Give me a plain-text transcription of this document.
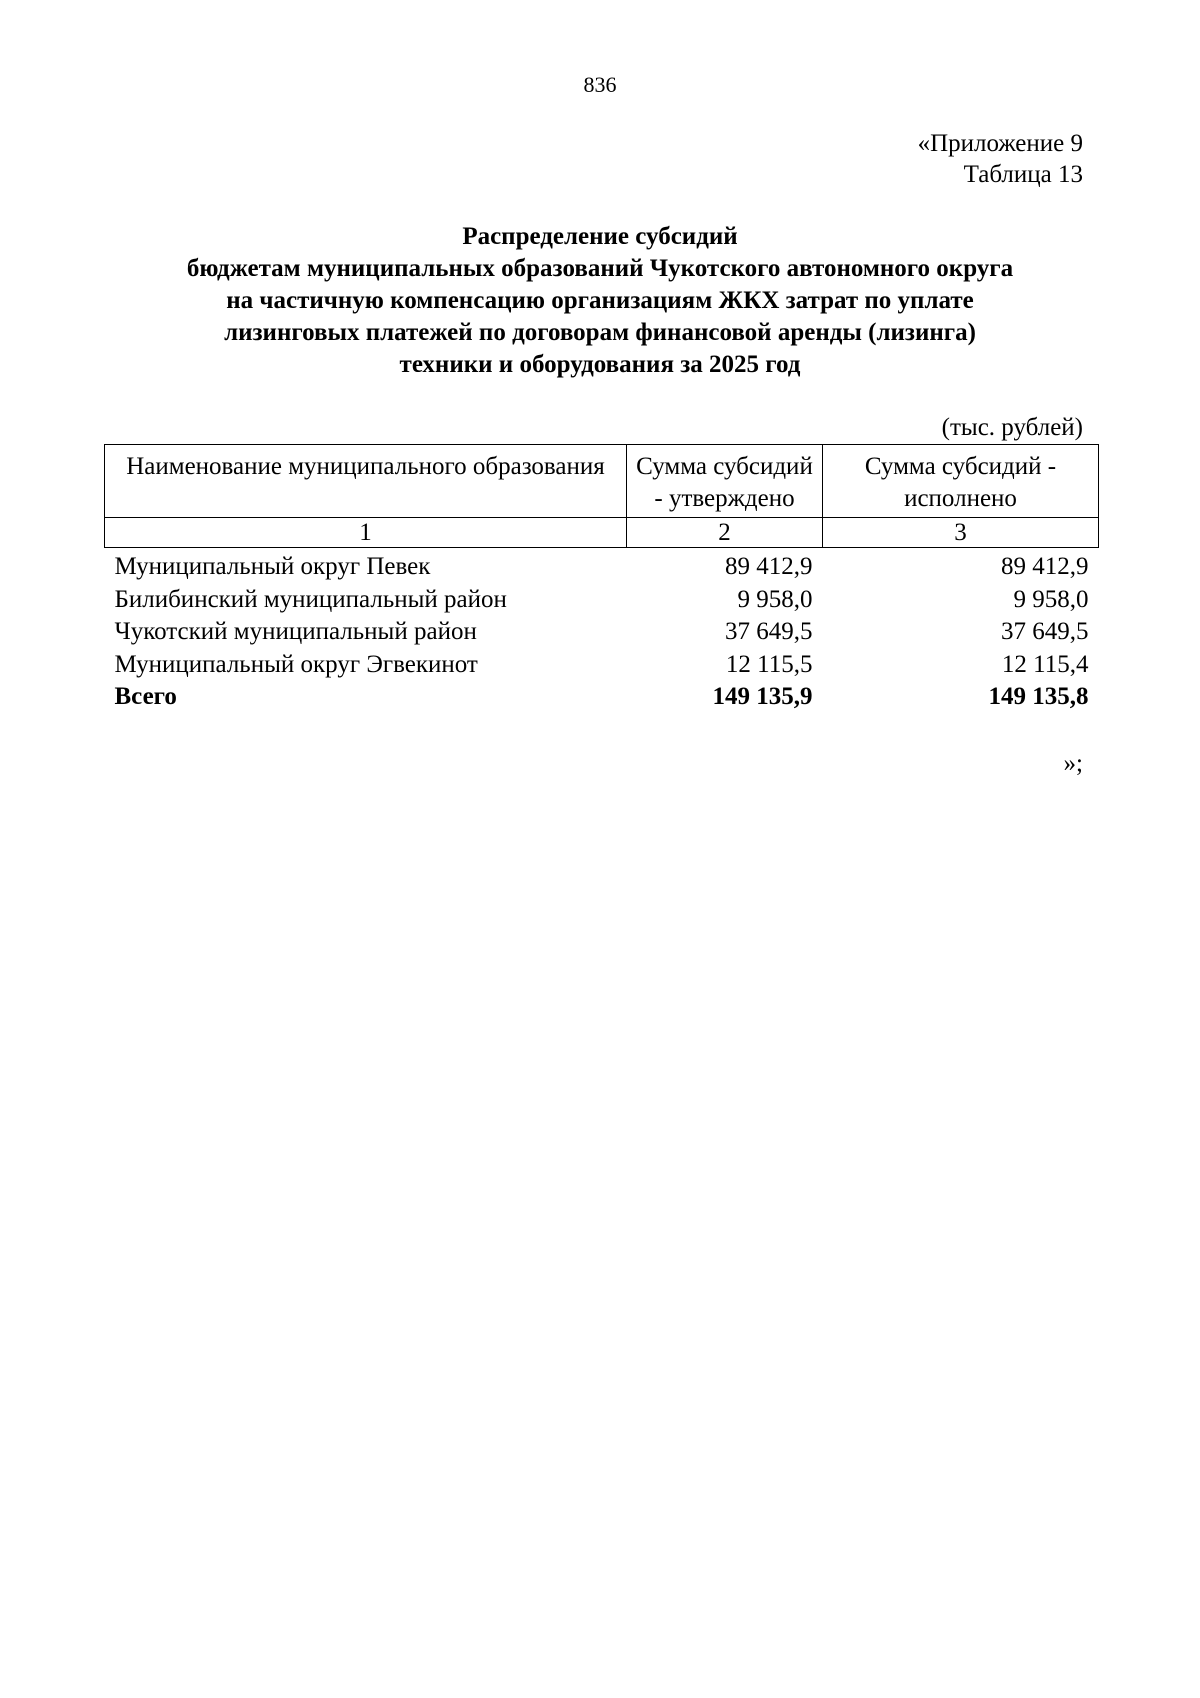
836
«Приложение 9
Таблица 13
Распределение субсидий
бюджетам муниципальных образований Чукотского автономного округа
на частичную компенсацию организациям ЖКХ затрат по уплате
лизинговых платежей по договорам финансовой аренды (лизинга)
техники и оборудования за 2025 год
(тыс. рублей)
Наименование муниципального образования	Сумма субсидий - утверждено	Сумма субсидий - исполнено
1	2	3
Муниципальный округ Певек	89 412,9	89 412,9
Билибинский муниципальный район	9 958,0	9 958,0
Чукотский муниципальный район	37 649,5	37 649,5
Муниципальный округ Эгвекинот	12 115,5	12 115,4
Всего	149 135,9	149 135,8
»;
